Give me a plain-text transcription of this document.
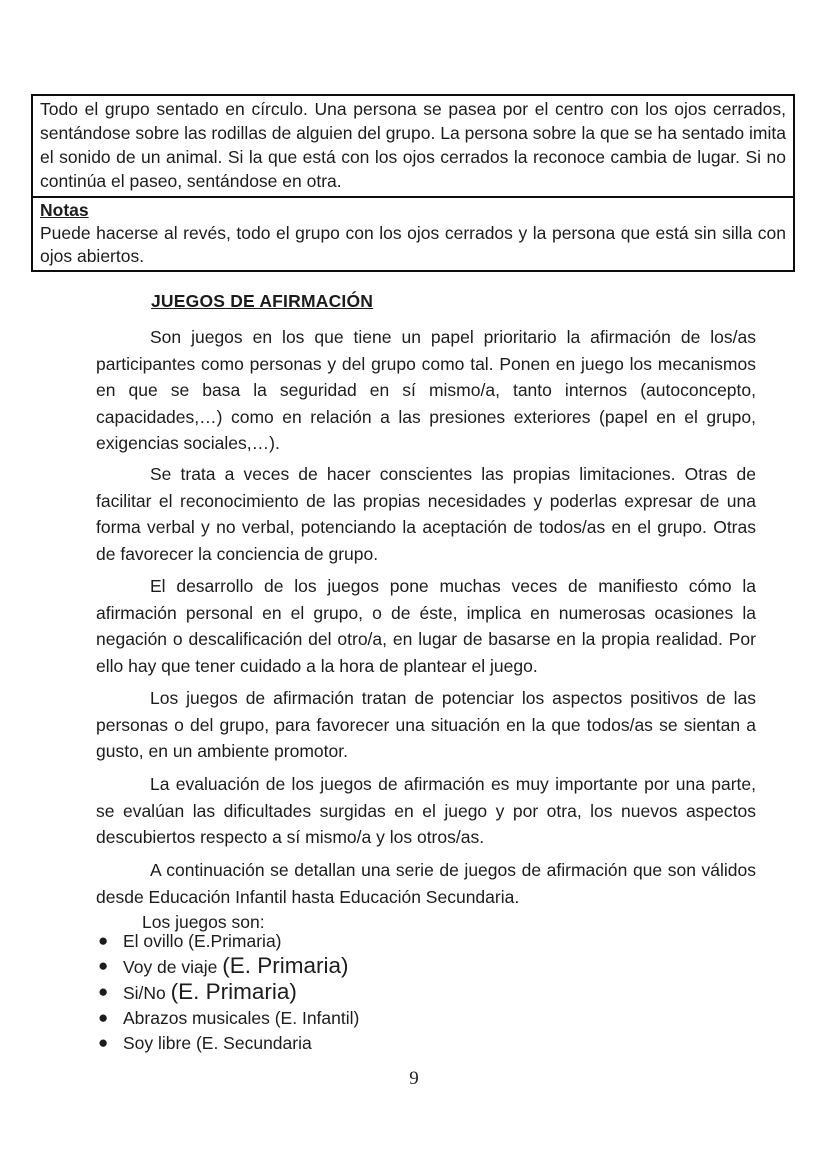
Todo el grupo sentado en círculo. Una persona se pasea por el centro con los ojos cerrados, sentándose sobre las rodillas de alguien del grupo. La persona sobre la que se ha sentado imita el sonido de un animal. Si la que está con los ojos cerrados la reconoce cambia de lugar. Si no continúa el paseo, sentándose en otra.
Notas
Puede hacerse al revés, todo el grupo con los ojos cerrados y la persona que está sin silla con ojos abiertos.
JUEGOS DE AFIRMACIÓN

Son juegos en los que tiene un papel prioritario la afirmación de los/as participantes como personas y del grupo como tal. Ponen en juego los mecanismos en que se basa la seguridad en sí mismo/a, tanto internos (autoconcepto, capacidades,…) como en relación a las presiones exteriores (papel en el grupo, exigencias sociales,…).

Se trata a veces de hacer conscientes las propias limitaciones. Otras de facilitar el reconocimiento de las propias necesidades y poderlas expresar de una forma verbal y no verbal, potenciando la aceptación de todos/as en el grupo. Otras de favorecer la conciencia de grupo.

El desarrollo de los juegos pone muchas veces de manifiesto cómo la afirmación personal en el grupo, o de éste, implica en numerosas ocasiones la negación o descalificación del otro/a, en lugar de basarse en la propia realidad. Por ello hay que tener cuidado a la hora de plantear el juego.

Los juegos de afirmación tratan de potenciar los aspectos positivos de las personas o del grupo, para favorecer una situación en la que todos/as se sientan a gusto, en un ambiente promotor.

La evaluación de los juegos de afirmación es muy importante por una parte, se evalúan las dificultades surgidas en el juego y por otra, los nuevos aspectos descubiertos respecto a sí mismo/a y los otros/as.

A continuación se detallan una serie de juegos de afirmación que son válidos desde Educación Infantil hasta Educación Secundaria.

Los juegos son:
● El ovillo (E.Primaria)
● Voy de viaje (E. Primaria)
● Si/No (E. Primaria)
● Abrazos musicales (E. Infantil)
● Soy libre (E. Secundaria
9
